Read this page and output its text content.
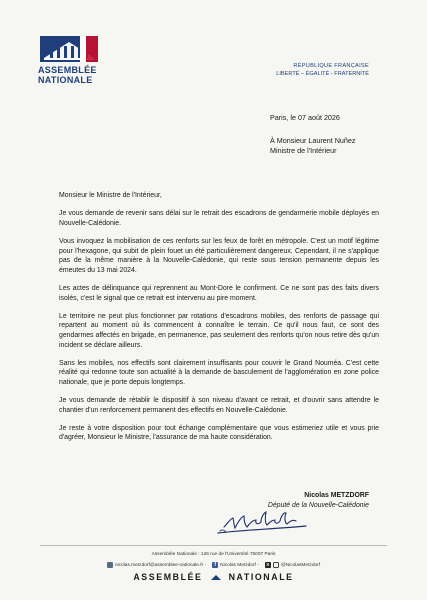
ASSEMBLÉE
NATIONALE
RÉPUBLIQUE FRANÇAISE
LIBERTÉ – ÉGALITÉ - FRATERNITÉ
Paris, le 07 août 2026
À Monsieur Laurent Nuñez
Ministre de l'Intérieur

Monsieur le Ministre de l'Intérieur,

Je vous demande de revenir sans délai sur le retrait des escadrons de gendarmerie mobile déployés en Nouvelle-Calédonie.

Vous invoquez la mobilisation de ces renforts sur les feux de forêt en métropole. C'est un motif légitime pour l'hexagone, qui subit de plein fouet un été particulièrement dangereux. Cependant, il ne s'applique pas de la même manière à la Nouvelle-Calédonie, qui reste sous tension permanente depuis les émeutes du 13 mai 2024.

Les actes de délinquance qui reprennent au Mont-Dore le confirment. Ce ne sont pas des faits divers isolés, c'est le signal que ce retrait est intervenu au pire moment.

Le territoire ne peut plus fonctionner par rotations d'escadrons mobiles, des renforts de passage qui repartent au moment où ils commencent à connaître le terrain. Ce qu'il nous faut, ce sont des gendarmes affectés en brigade, en permanence, pas seulement des renforts qu'on nous retire dès qu'un incident se déclare ailleurs.

Sans les mobiles, nos effectifs sont clairement insuffisants pour couvrir le Grand Nouméa. C'est cette réalité qui redonne toute son actualité à la demande de basculement de l'agglomération en zone police nationale, que je porte depuis longtemps.

Je vous demande de rétablir le dispositif à son niveau d'avant ce retrait, et d'ouvrir sans attendre le chantier d'un renforcement permanent des effectifs en Nouvelle-Calédonie.

Je reste à votre disposition pour tout échange complémentaire que vous estimeriez utile et vous prie d'agréer, Monsieur le Ministre, l'assurance de ma haute considération.

Nicolas METZDORF
Député de la Nouvelle-Calédonie
Assemblée Nationale : 126 rue de l'Université 75007 Paris
nicolas.metzdorf@assemblee-nationale.fr -	f Nicolas Metzdorf -	X	@NicolasMetzdorf
ASSEMBLÉE	NATIONALE
